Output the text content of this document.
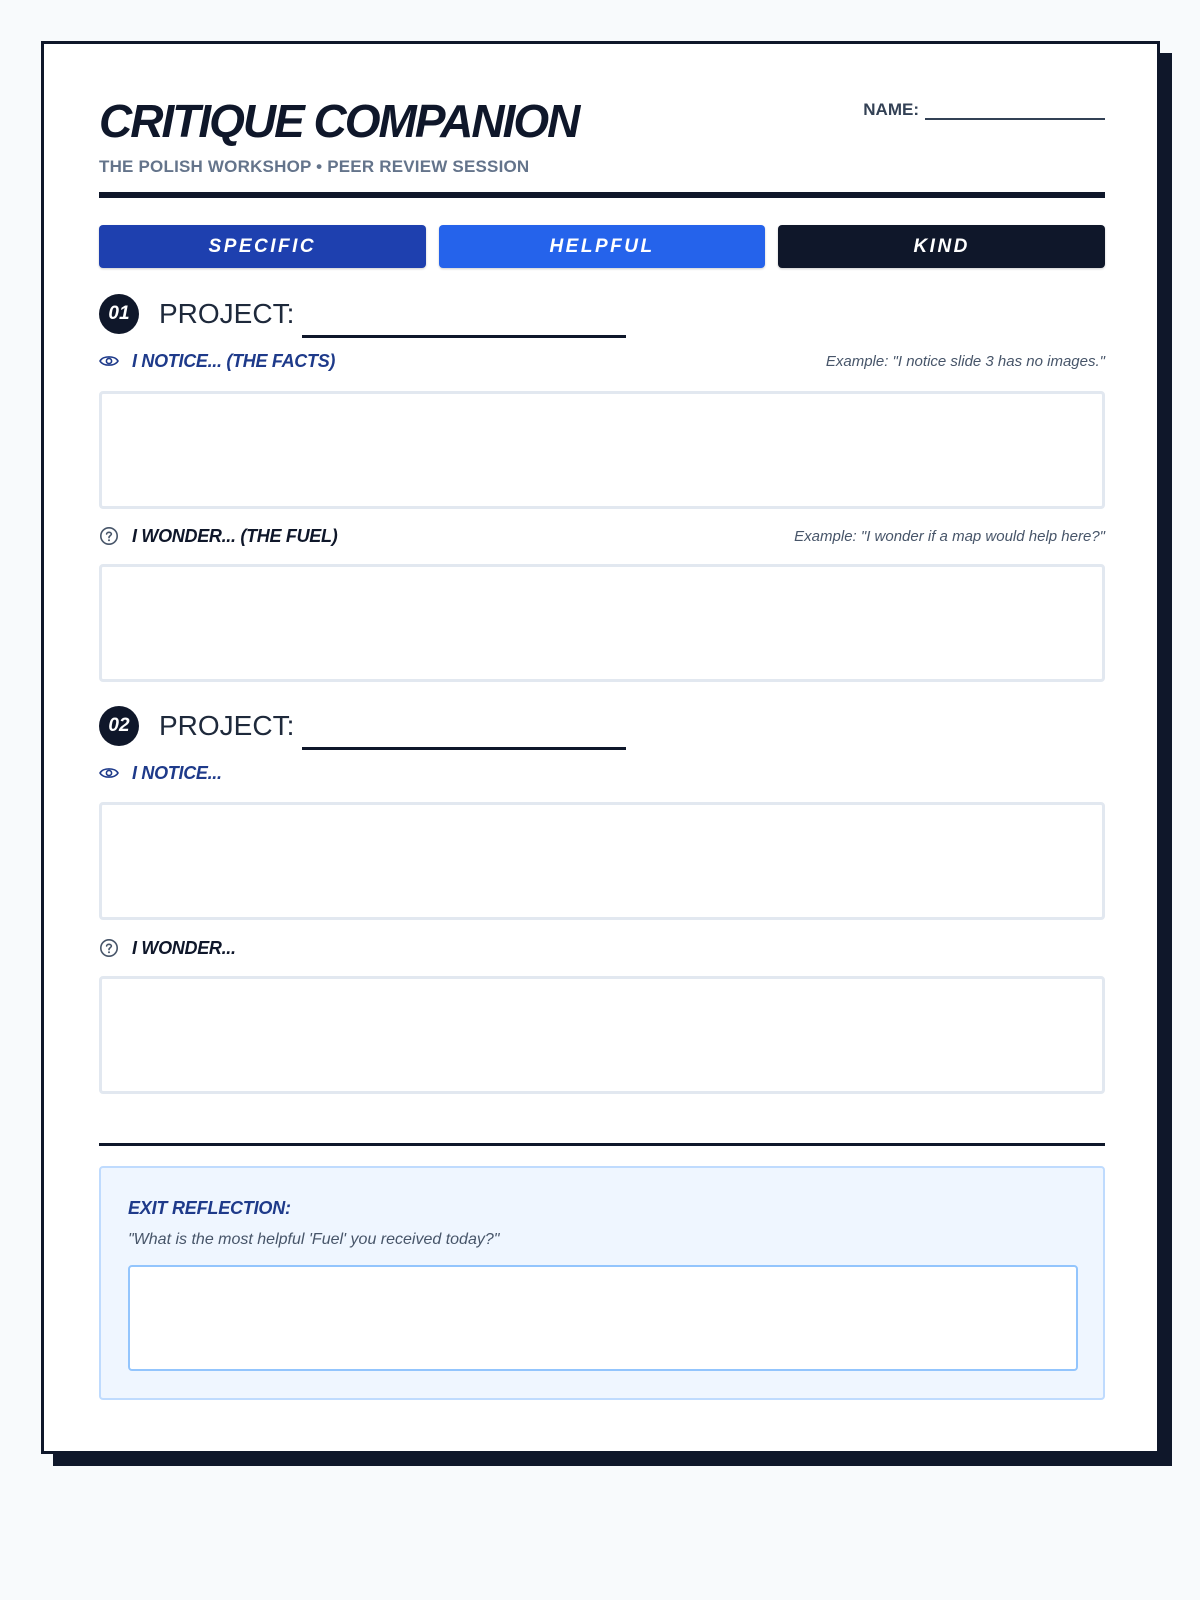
CRITIQUE COMPANION
THE POLISH WORKSHOP • PEER REVIEW SESSION
NAME:
SPECIFIC	HELPFUL	KIND
01	PROJECT:
I NOTICE... (THE FACTS)	Example: "I notice slide 3 has no images."
I WONDER... (THE FUEL)	Example: "I wonder if a map would help here?"
02	PROJECT:
I NOTICE...
I WONDER...
EXIT REFLECTION:
"What is the most helpful 'Fuel' you received today?"
